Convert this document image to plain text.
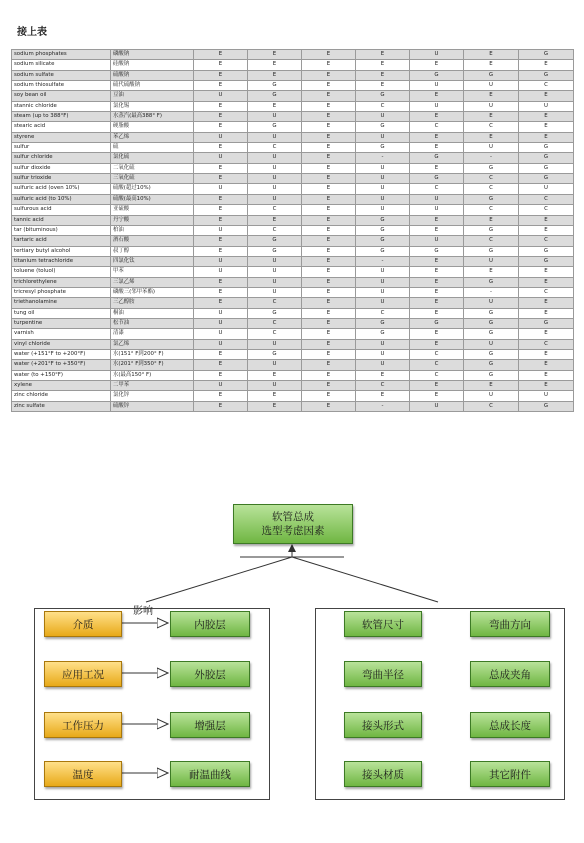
接上表
sodium phosphates	磷酸钠	E	E	E	E	U	E	G
sodium silicate	硅酸钠	E	E	E	E	E	E	E
sodium sulfate	硫酸钠	E	E	E	E	G	G	G
sodium thiosulfate	硫代硫酸钠	E	G	E	E	U	U	C
soy bean oil	豆油	U	G	E	G	E	E	E
stannic chloride	氯化锡	E	E	E	C	U	U	U
steam (up to 388°F)	水蒸汽(最高388° F)	E	U	E	U	E	E	E
stearic acid	硬脂酸	E	G	E	G	C	C	E
styrene	苯乙烯	U	U	E	U	E	E	E
sulfur	硫	E	C	E	G	E	U	G
sulfur chloride	氯化硫	U	U	E	-	G	-	G
sulfur dioxide	二氧化硫	E	U	E	U	E	G	G
sulfur trioxide	三氧化硫	E	U	E	U	G	C	G
sulfuric acid (oven 10%)	硫酸(超过10%)	U	U	E	U	C	C	U
sulfuric acid (to 10%)	硫酸(最高10%)	E	U	E	U	U	G	C
sulfurous acid	亚硫酸	E	C	E	U	U	C	C
tannic acid	丹宁酸	E	E	E	G	E	E	E
tar (bituminous)	柏油	U	C	E	G	E	G	E
tartaric acid	酒石酸	E	G	E	G	U	C	C
tertiary butyl alcohol	叔丁醇	E	G	E	G	G	G	G
titanium tetrachloride	四氯化钛	U	U	E	-	E	U	G
toluene (toluol)	甲苯	U	U	E	U	E	E	E
trichlorethylene	三氯乙烯	E	U	E	U	E	G	E
tricresyl phosphate	磷酸三(邻甲苯酯)	E	U	E	U	E	-	C
triethanolamine	三乙醇胺	E	C	E	U	E	U	E
tung oil	桐油	U	G	E	C	E	G	E
turpentine	松节油	U	C	E	G	G	G	G
varnish	清漆	U	C	E	G	E	G	E
vinyl chloride	氯乙烯	U	U	E	U	E	U	C
water (+151°F to +200°F)	水(151° F到200° F)	E	G	E	U	C	G	E
water (+201°F to +350°F)	水(201° F到350° F)	E	U	E	U	C	G	E
water (to +150°F)	水(最高150° F)	E	E	E	E	C	G	E
xylene	二甲苯	U	U	E	C	E	E	E
zinc chloride	氯化锌	E	E	E	E	E	U	U
zinc sulfate	硫酸锌	E	E	E	-	U	C	G
软管总成
选型考虑因素
影响
介质	内胶层
应用工况	外胶层
工作压力	增强层
温度	耐温曲线
软管尺寸	弯曲方向
弯曲半径	总成夹角
接头形式	总成长度
接头材质	其它附件
